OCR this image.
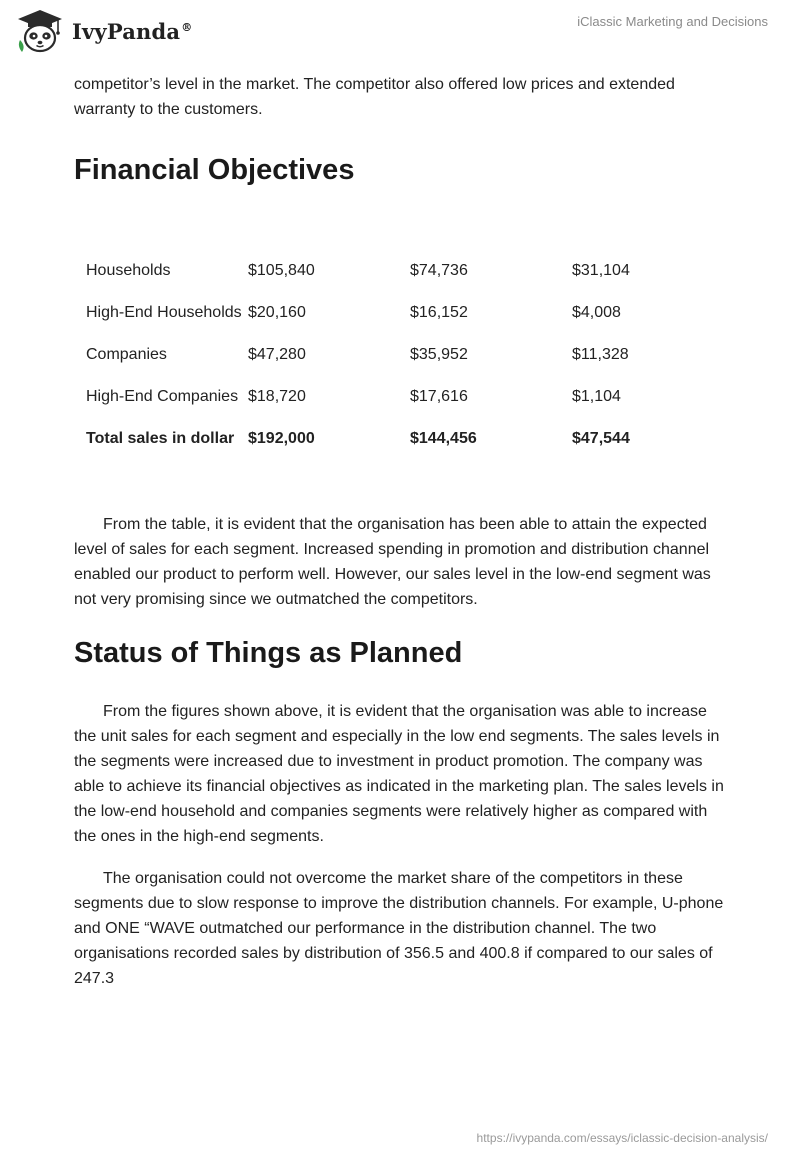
IvyPanda®	iClassic Marketing and Decisions

competitor’s level in the market. The competitor also offered low prices and extended warranty to the customers.

Financial Objectives
Households	$105,840	$74,736	$31,104
High-End Households	$20,160	$16,152	$4,008
Companies	$47,280	$35,952	$11,328
High-End Companies	$18,720	$17,616	$1,104
Total sales in dollar	$192,000	$144,456	$47,544

From the table, it is evident that the organisation has been able to attain the expected level of sales for each segment. Increased spending in promotion and distribution channel enabled our product to perform well. However, our sales level in the low-end segment was not very promising since we outmatched the competitors.

Status of Things as Planned

From the figures shown above, it is evident that the organisation was able to increase the unit sales for each segment and especially in the low end segments. The sales levels in the segments were increased due to investment in product promotion. The company was able to achieve its financial objectives as indicated in the marketing plan. The sales levels in the low-end household and companies segments were relatively higher as compared with the ones in the high-end segments.

The organisation could not overcome the market share of the competitors in these segments due to slow response to improve the distribution channels. For example, U-phone and ONE “WAVE outmatched our performance in the distribution channel. The two organisations recorded sales by distribution of 356.5 and 400.8 if compared to our sales of 247.3

https://ivypanda.com/essays/iclassic-decision-analysis/
